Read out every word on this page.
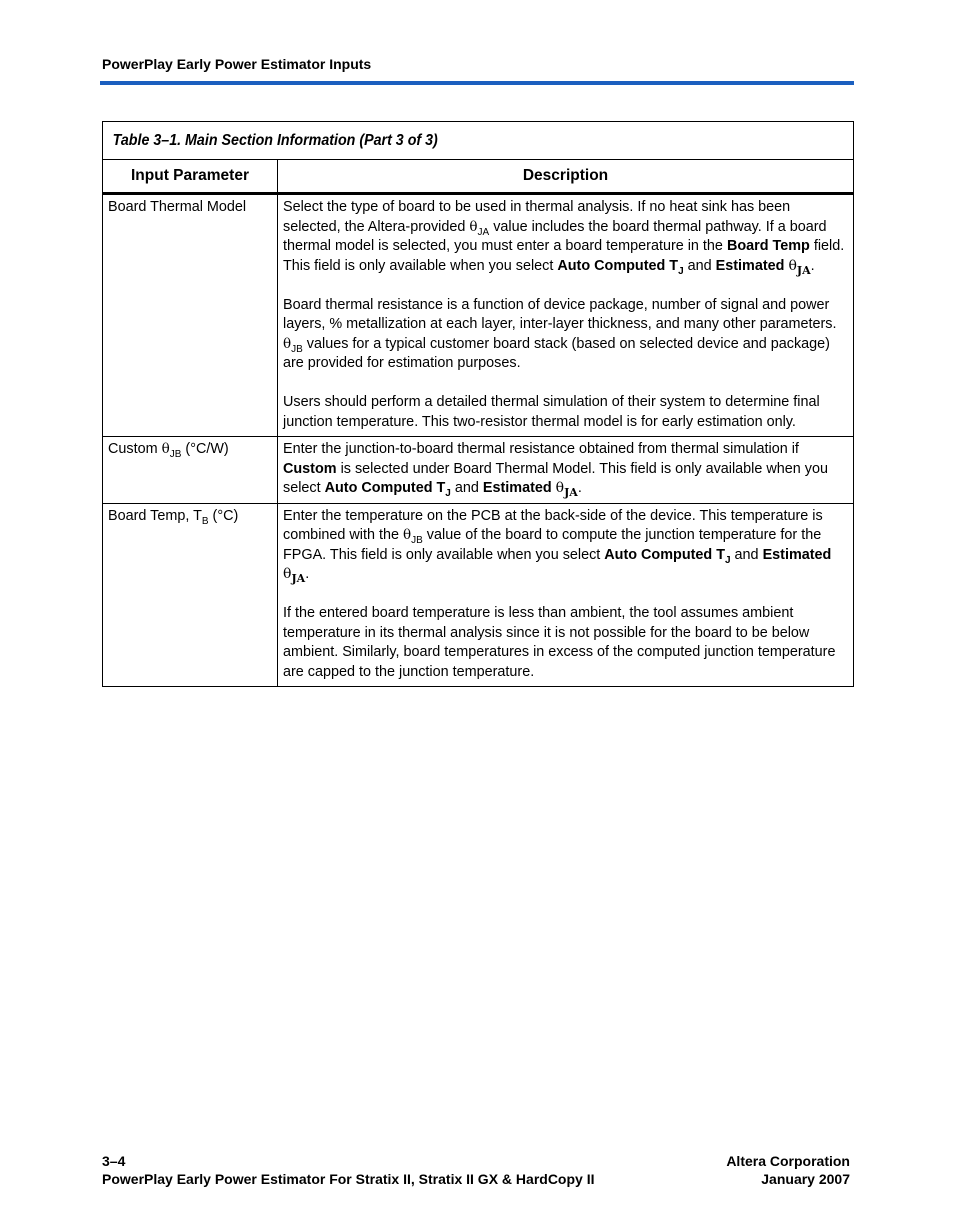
PowerPlay Early Power Estimator Inputs
Table 3–1. Main Section Information (Part 3 of 3)	
Input Parameter	Description
Board Thermal Model	Select the type of board to be used in thermal analysis. If no heat sink has been selected, the Altera-provided $\theta_{JA}$ value includes the board thermal pathway. If a board thermal model is selected, you must enter a board temperature in the Board Temp field. This field is only available when you select Auto Computed $T_J$ and Estimated $\theta_{JA}$.
Board thermal resistance is a function of device package, number of signal and power layers, % metallization at each layer, inter-layer thickness, and many other parameters. $\theta_{JB}$ values for a typical customer board stack (based on selected device and package) are provided for estimation purposes.
Users should perform a detailed thermal simulation of their system to determine final junction temperature. This two-resistor thermal model is for early estimation only.

Custom $\theta_{JB}$ (°C/W)	Enter the junction-to-board thermal resistance obtained from thermal simulation if Custom is selected under Board Thermal Model. This field is only available when you select Auto Computed $T_J$ and Estimated $\theta_{JA}$.

Board Temp, $T_B$ (°C)	Enter the temperature on the PCB at the back-side of the device. This temperature is combined with the $\theta_{JB}$ value of the board to compute the junction temperature for the FPGA. This field is only available when you select Auto Computed $T_J$ and Estimated $\theta_{JA}$.
If the entered board temperature is less than ambient, the tool assumes ambient temperature in its thermal analysis since it is not possible for the board to be below ambient. Similarly, board temperatures in excess of the computed junction temperature are capped to the junction temperature.
3–4
PowerPlay Early Power Estimator For Stratix II, Stratix II GX & HardCopy II
Altera Corporation
January 2007
